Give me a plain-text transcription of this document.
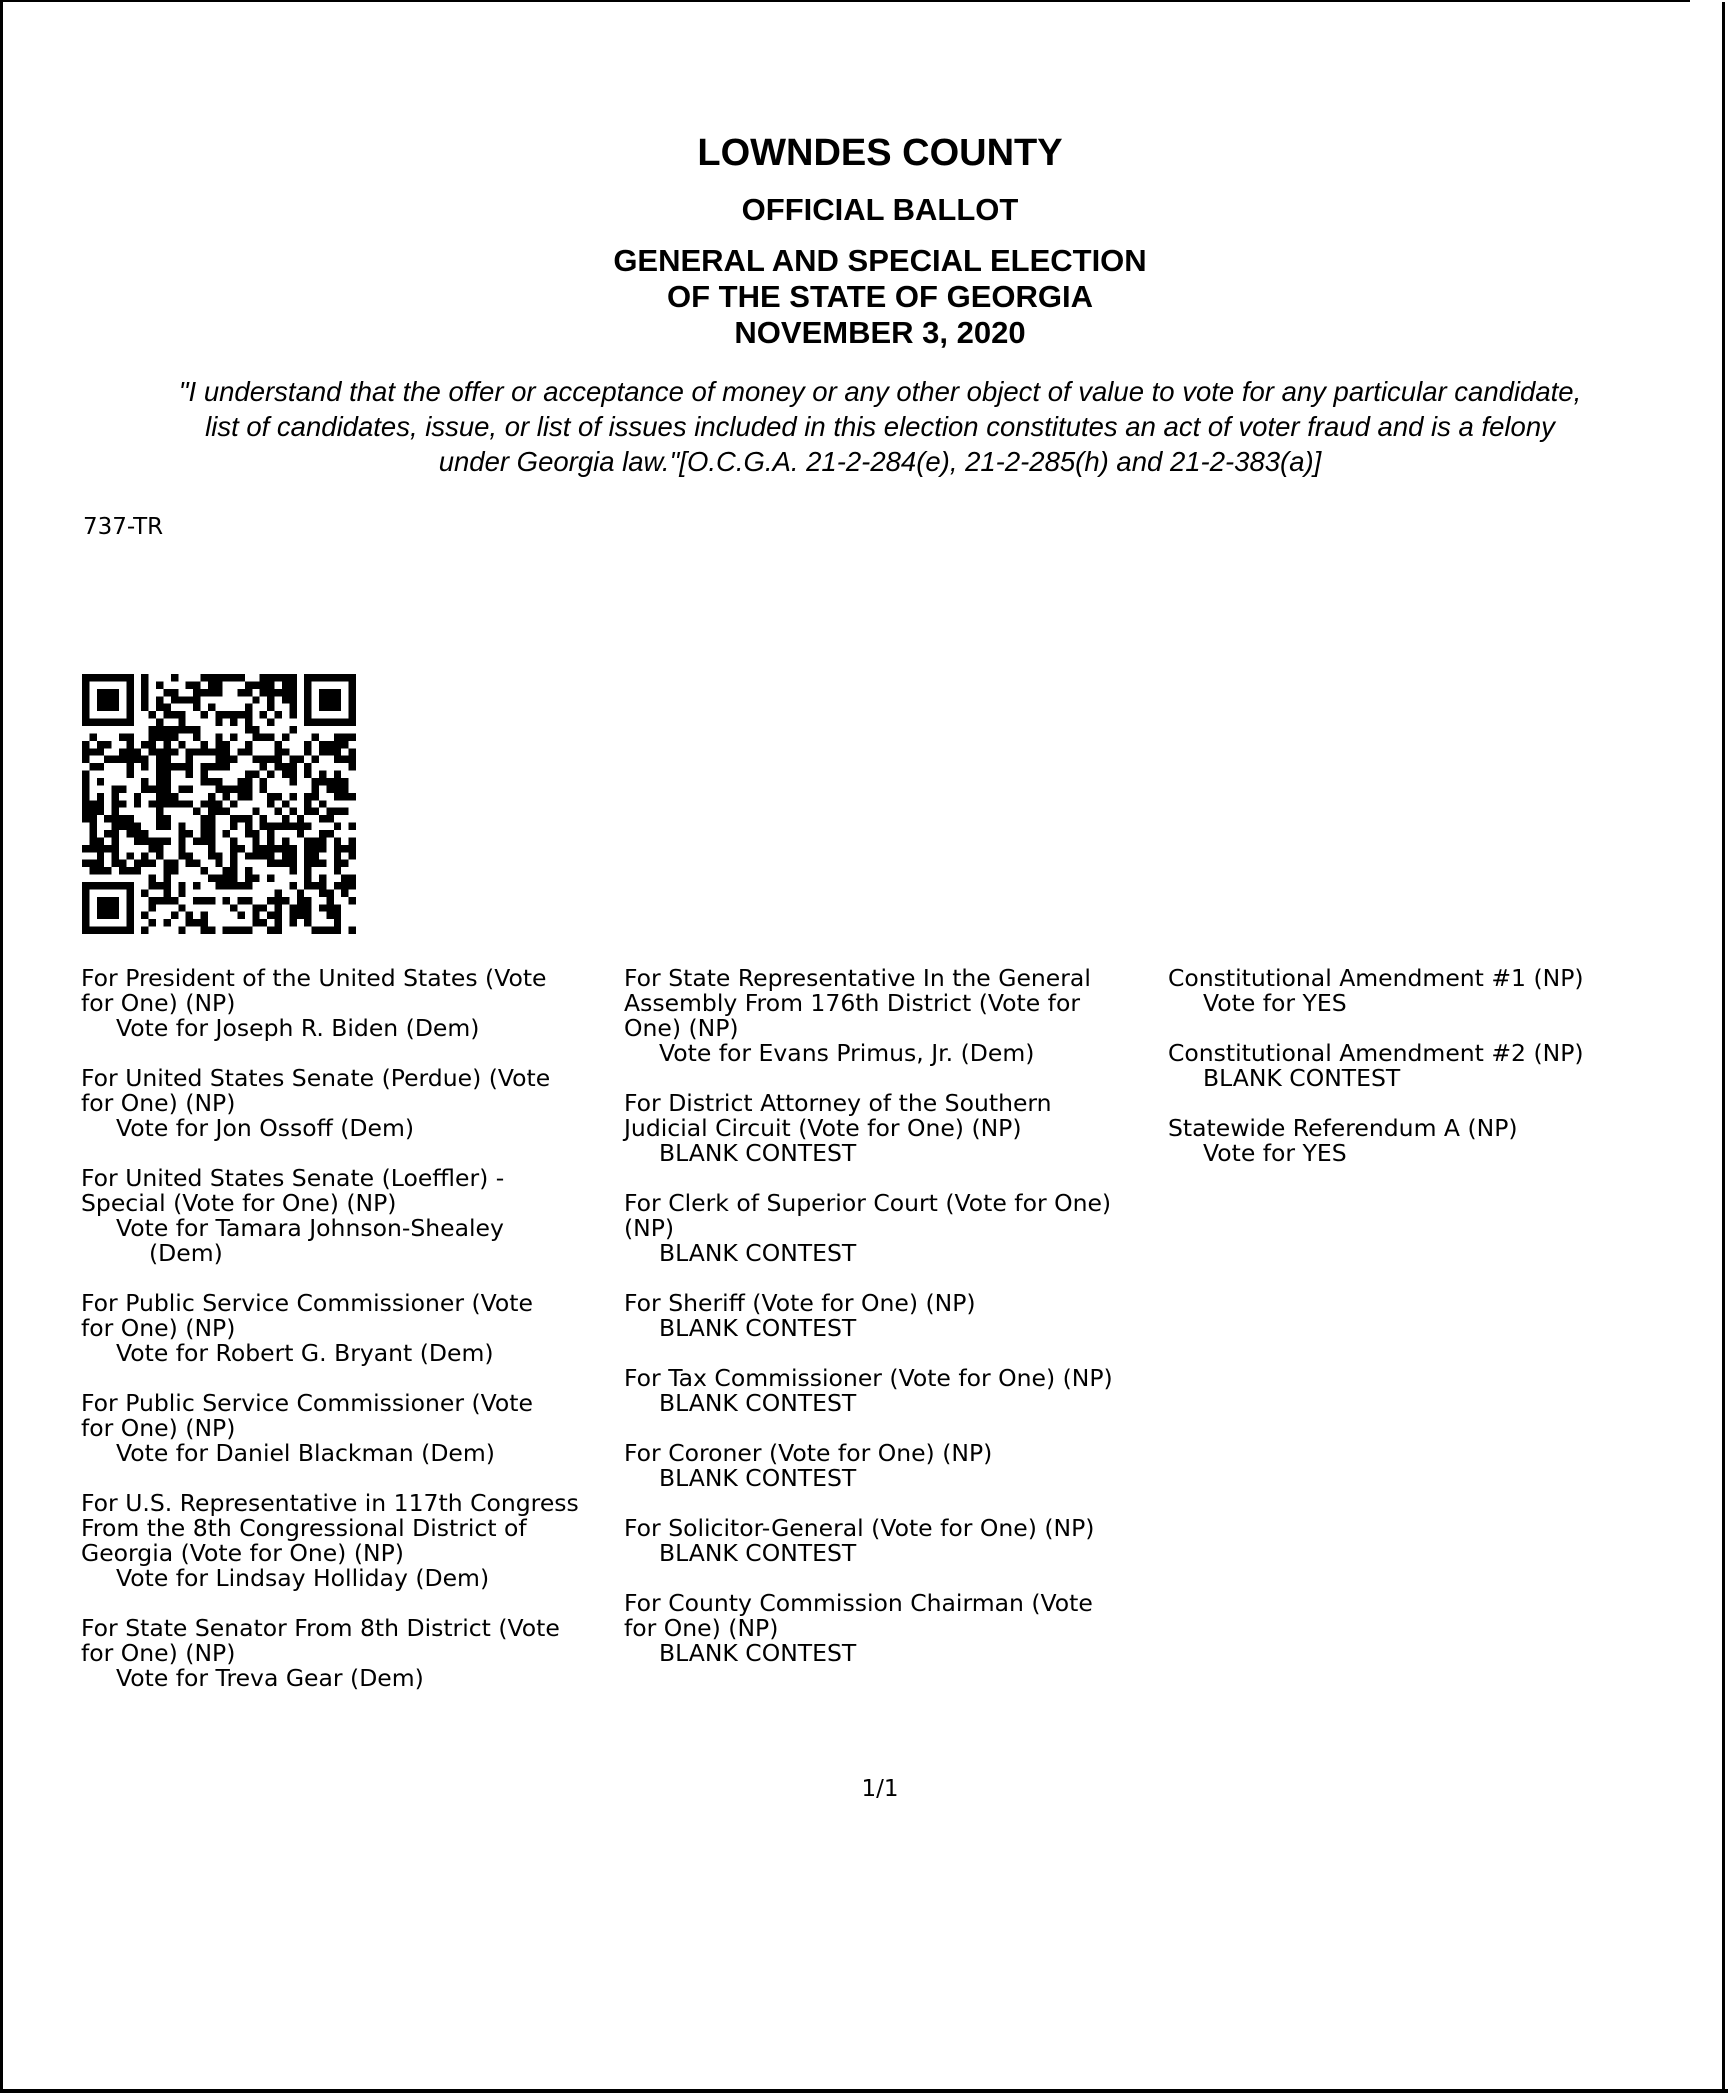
LOWNDES COUNTY
OFFICIAL BALLOT
GENERAL AND SPECIAL ELECTION
OF THE STATE OF GEORGIA
NOVEMBER 3, 2020
"I understand that the offer or acceptance of money or any other object of value to vote for any particular candidate,
list of candidates, issue, or list of issues included in this election constitutes an act of voter fraud and is a felony
under Georgia law."[O.C.G.A. 21-2-284(e), 21-2-285(h) and 21-2-383(a)]
737-TR
For President of the United States (Vote
for One) (NP)
Vote for Joseph R. Biden (Dem)
For United States Senate (Perdue) (Vote
for One) (NP)
Vote for Jon Ossoff (Dem)
For United States Senate (Loeffler) -
Special (Vote for One) (NP)
Vote for Tamara Johnson-Shealey
(Dem)
For Public Service Commissioner (Vote
for One) (NP)
Vote for Robert G. Bryant (Dem)
For Public Service Commissioner (Vote
for One) (NP)
Vote for Daniel Blackman (Dem)
For U.S. Representative in 117th Congress
From the 8th Congressional District of
Georgia (Vote for One) (NP)
Vote for Lindsay Holliday (Dem)
For State Senator From 8th District (Vote
for One) (NP)
Vote for Treva Gear (Dem)
For State Representative In the General
Assembly From 176th District (Vote for
One) (NP)
Vote for Evans Primus, Jr. (Dem)
For District Attorney of the Southern
Judicial Circuit (Vote for One) (NP)
BLANK CONTEST
For Clerk of Superior Court (Vote for One)
(NP)
BLANK CONTEST
For Sheriff (Vote for One) (NP)
BLANK CONTEST
For Tax Commissioner (Vote for One) (NP)
BLANK CONTEST
For Coroner (Vote for One) (NP)
BLANK CONTEST
For Solicitor-General (Vote for One) (NP)
BLANK CONTEST
For County Commission Chairman (Vote
for One) (NP)
BLANK CONTEST
Constitutional Amendment #1 (NP)
Vote for YES
Constitutional Amendment #2 (NP)
BLANK CONTEST
Statewide Referendum A (NP)
Vote for YES
1/1
